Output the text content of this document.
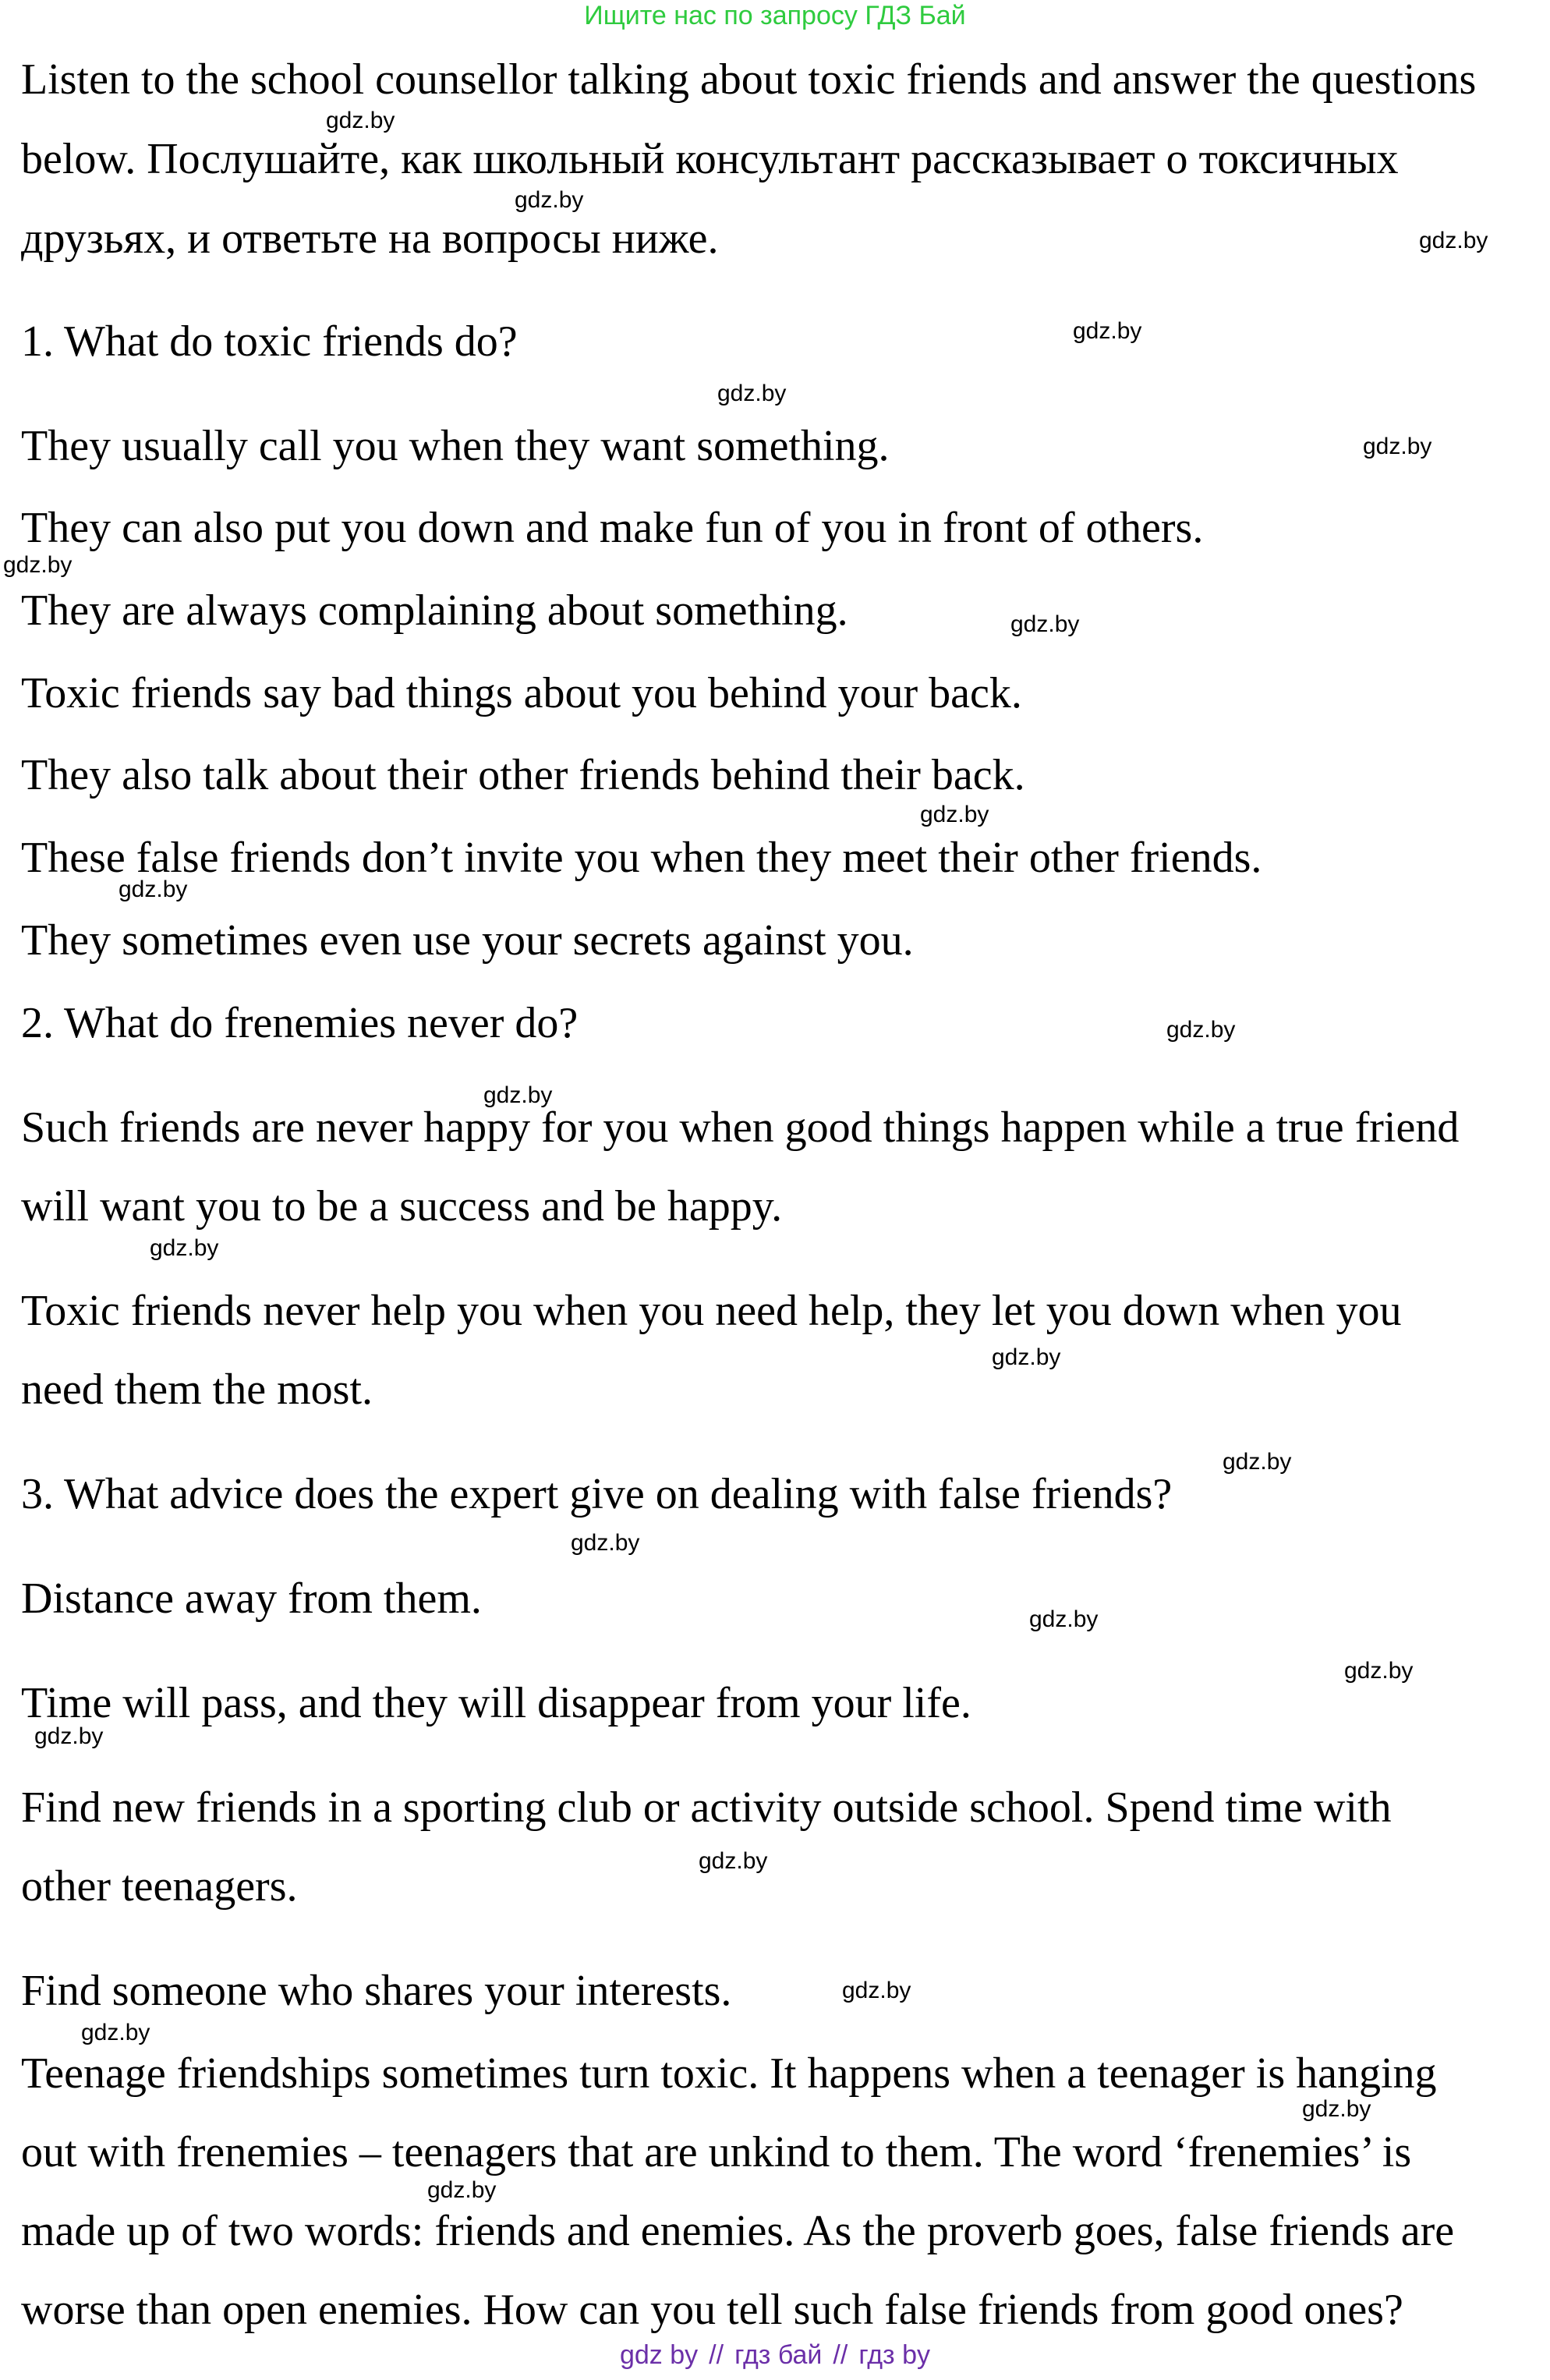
Ищите нас по запросу ГДЗ Бай
Listen to the school counsellor talking about toxic friends and answer the questions
below. Послушайте, как школьный консультант рассказывает о токсичных
друзьях, и ответьте на вопросы ниже.
1. What do toxic friends do?
They usually call you when they want something.
They can also put you down and make fun of you in front of others.
They are always complaining about something.
Toxic friends say bad things about you behind your back.
They also talk about their other friends behind their back.
These false friends don’t invite you when they meet their other friends.
They sometimes even use your secrets against you.
2. What do frenemies never do?
Such friends are never happy for you when good things happen while a true friend
will want you to be a success and be happy.
Toxic friends never help you when you need help, they let you down when you
need them the most.
3. What advice does the expert give on dealing with false friends?
Distance away from them.
Time will pass, and they will disappear from your life.
Find new friends in a sporting club or activity outside school. Spend time with
other teenagers.
Find someone who shares your interests.
Teenage friendships sometimes turn toxic. It happens when a teenager is hanging
out with frenemies – teenagers that are unkind to them. The word ‘frenemies’ is
made up of two words: friends and enemies. As the proverb goes, false friends are
worse than open enemies. How can you tell such false friends from good ones?
gdz.by
gdz.by
gdz.by
gdz.by
gdz.by
gdz.by
gdz.by
gdz.by
gdz.by
gdz.by
gdz.by
gdz.by
gdz.by
gdz.by
gdz.by
gdz.by
gdz.by
gdz.by
gdz.by
gdz.by
gdz.by
gdz.by
gdz.by
gdz.by
gdz by // гдз бай // гдз by
